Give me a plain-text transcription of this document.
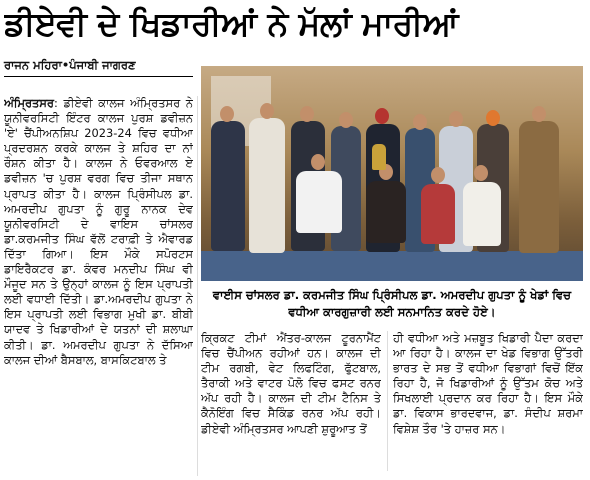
ਡੀਏਵੀ ਦੇ ਖਿਡਾਰੀਆਂ ਨੇ ਮੱਲਾਂ ਮਾਰੀਆਂ
ਰਾਜਨ ਮਹਿਰਾ•ਪੰਜਾਬੀ ਜਾਗਰਣ
ਅੰਮ੍ਰਿਤਸਰ: ਡੀਏਵੀ ਕਾਲਜ ਅੰਮ੍ਰਿਤਸਰ ਨੇ ਯੂਨੀਵਰਸਿਟੀ ਇੰਟਰ ਕਾਲਜ ਪੁਰਸ਼ ਡਵੀਜ਼ਨ 'ਏ' ਚੈਂਪੀਅਨਸ਼ਿਪ 2023-24 ਵਿਚ ਵਧੀਆ ਪ੍ਰਦਰਸ਼ਨ ਕਰਕੇ ਕਾਲਜ ਤੇ ਸ਼ਹਿਰ ਦਾ ਨਾਂ ਰੌਸ਼ਨ ਕੀਤਾ ਹੈ। ਕਾਲਜ ਨੇ ਓਵਰਆਲ ਏ ਡਵੀਜ਼ਨ 'ਚ ਪੁਰਸ਼ ਵਰਗ ਵਿਚ ਤੀਜਾ ਸਥਾਨ ਪ੍ਰਾਪਤ ਕੀਤਾ ਹੈ। ਕਾਲਜ ਪ੍ਰਿੰਸੀਪਲ ਡਾ. ਅਮਰਦੀਪ ਗੁਪਤਾ ਨੂੰ ਗੁਰੂ ਨਾਨਕ ਦੇਵ ਯੂਨੀਵਰਸਿਟੀ ਦੇ ਵਾਇਸ ਚਾਂਸਲਰ ਡਾ.ਕਰਮਜੀਤ ਸਿੰਘ ਵੱਲੋਂ ਟਰਾਫ਼ੀ ਤੇ ਐਵਾਰਡ ਦਿੱਤਾ ਗਿਆ। ਇਸ ਮੌਕੇ ਸਪੋਰਟਸ ਡਾਇਰੈਕਟਰ ਡਾ. ਕੰਵਰ ਮਨਦੀਪ ਸਿੰਘ ਵੀ ਮੌਜੂਦ ਸਨ ਤੇ ਉਨ੍ਹਾਂ ਕਾਲਜ ਨੂੰ ਇਸ ਪ੍ਰਾਪਤੀ ਲਈ ਵਧਾਈ ਦਿੱਤੀ। ਡਾ.ਅਮਰਦੀਪ ਗੁਪਤਾ ਨੇ ਇਸ ਪ੍ਰਾਪਤੀ ਲਈ ਵਿਭਾਗ ਮੁਖੀ ਡਾ. ਬੀਬੀ ਯਾਦਵ ਤੇ ਖਿਡਾਰੀਆਂ ਦੇ ਯਤਨਾਂ ਦੀ ਸ਼ਲਾਘਾ ਕੀਤੀ। ਡਾ. ਅਮਰਦੀਪ ਗੁਪਤਾ ਨੇ ਦੱਸਿਆ ਕਾਲਜ ਦੀਆਂ ਬੈਸਬਾਲ, ਬਾਸਕਿਟਬਾਲ ਤੇ
ਵਾਈਸ ਚਾਂਸਲਰ ਡਾ. ਕਰਮਜੀਤ ਸਿੰਘ ਪ੍ਰਿੰਸੀਪਲ ਡਾ. ਅਮਰਦੀਪ ਗੁਪਤਾ ਨੂੰ ਖੇਡਾਂ ਵਿਚ ਵਧੀਆ ਕਾਰਗੁਜ਼ਾਰੀ ਲਈ ਸਨਮਾਨਿਤ ਕਰਦੇ ਹੋਏ।
ਕ੍ਰਿਕਟ ਟੀਮਾਂ ਐਂਤਰ-ਕਾਲਜ ਟੂਰਨਾਮੈਂਟ ਵਿਚ ਚੈਂਪੀਅਨ ਰਹੀਆਂ ਹਨ। ਕਾਲਜ ਦੀ ਟੀਮ ਰਗਬੀ, ਵੇਟ ਲਿਫਟਿੰਗ, ਫੁੱਟਬਾਲ, ਤੈਰਾਕੀ ਅਤੇ ਵਾਟਰ ਪੋਲੋ ਵਿਚ ਫਸਟ ਰਨਰ ਅੱਪ ਰਹੀ ਹੈ। ਕਾਲਜ ਦੀ ਟੀਮ ਟੈਨਿਸ ਤੇ ਕੈਨੋਇੰਗ ਵਿਚ ਸੈਕਿੰਡ ਰਨਰ ਅੱਪ ਰਹੀ। ਡੀਏਵੀ ਅੰਮ੍ਰਿਤਸਰ ਆਪਣੀ ਸ਼ੁਰੂਆਤ ਤੋਂ
ਹੀ ਵਧੀਆ ਅਤੇ ਮਜ਼ਬੂਤ ਖਿਡਾਰੀ ਪੈਦਾ ਕਰਦਾ ਆ ਰਿਹਾ ਹੈ। ਕਾਲਜ ਦਾ ਖੇਡ ਵਿਭਾਗ ਉੱਤਰੀ ਭਾਰਤ ਦੇ ਸਭ ਤੋਂ ਵਧੀਆ ਵਿਭਾਗਾਂ ਵਿਚੋਂ ਇੱਕ ਰਿਹਾ ਹੈ, ਜੋ ਖਿਡਾਰੀਆਂ ਨੂੰ ਉੱਤਮ ਕੋਚ ਅਤੇ ਸਿਖਲਾਈ ਪ੍ਰਦਾਨ ਕਰ ਰਿਹਾ ਹੈ। ਇਸ ਮੌਕੇ ਡਾ. ਵਿਕਾਸ ਭਾਰਦਵਾਜ, ਡਾ. ਸੰਦੀਪ ਸ਼ਰਮਾ ਵਿਸ਼ੇਸ਼ ਤੌਰ 'ਤੇ ਹਾਜ਼ਰ ਸਨ।
